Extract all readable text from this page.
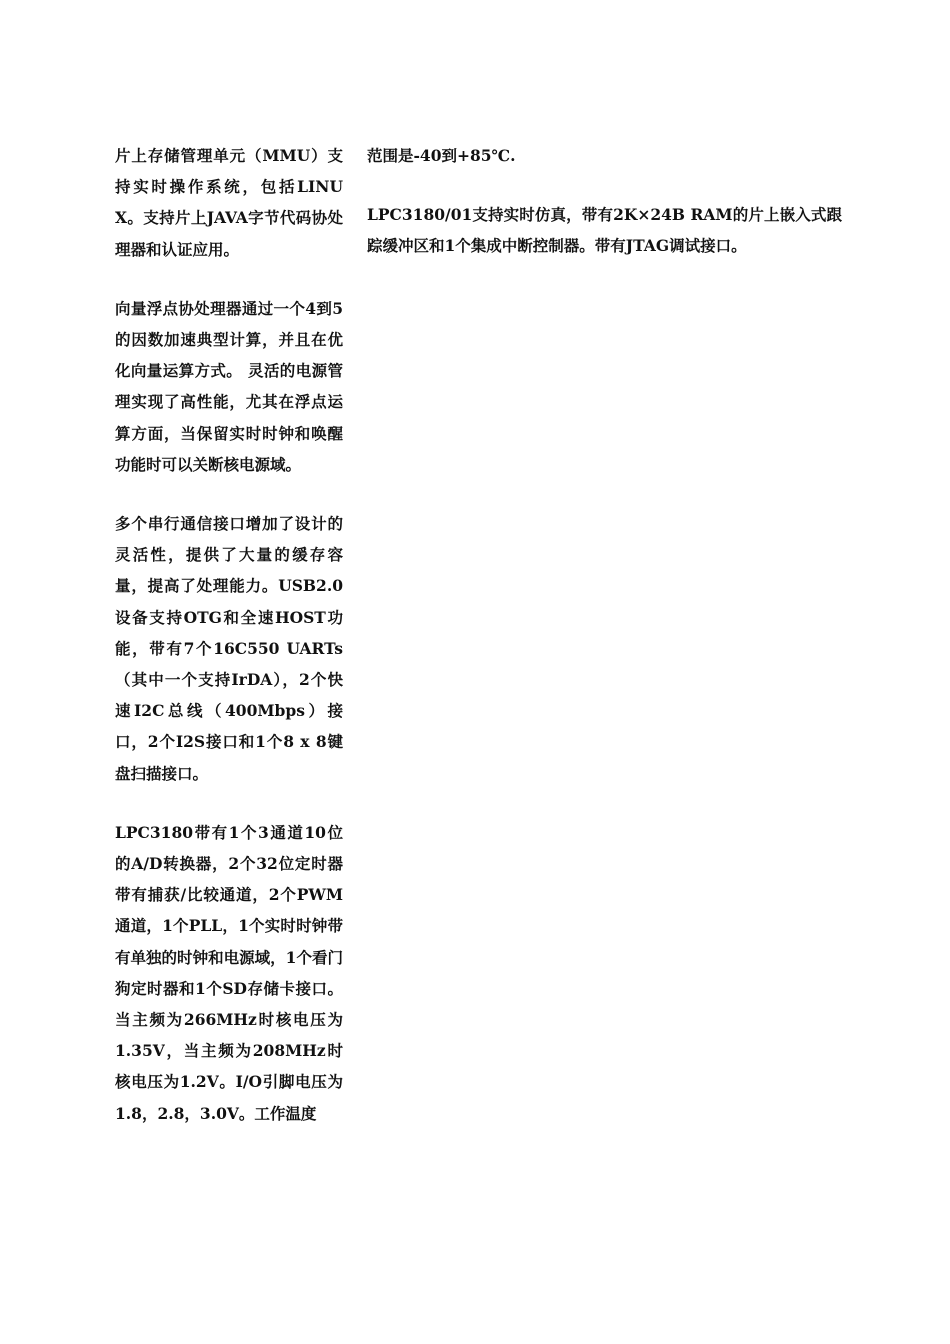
片上存储管理单元（MMU）支持实时操作系统，包括LINUX。支持片上JAVA字节代码协处理器和认证应用。

向量浮点协处理器通过一个4到5的因数加速典型计算，并且在优化向量运算方式。 灵活的电源管理实现了高性能，尤其在浮点运算方面，当保留实时时钟和唤醒功能时可以关断核电源域。

多个串行通信接口增加了设计的灵活性，提供了大量的缓存容量，提高了处理能力。USB2.0设备支持OTG和全速HOST功能，带有7个16C550 UARTs（其中一个支持IrDA），2个快速I2C总线（400Mbps）接口，2个I2S接口和1个8 x 8键盘扫描接口。

LPC3180带有1个3通道10位的A/D转换器，2个32位定时器带有捕获/比较通道，2个PWM通道，1个PLL，1个实时时钟带有单独的时钟和电源域，1个看门狗定时器和1个SD存储卡接口。当主频为266MHz时核电压为1.35V，当主频为208MHz时核电压为1.2V。I/O引脚电压为1.8，2.8，3.0V。工作温度

范围是-40到+85℃.

LPC3180/01支持实时仿真，带有2K×24B RAM的片上嵌入式跟踪缓冲区和1个集成中断控制器。带有JTAG调试接口。
